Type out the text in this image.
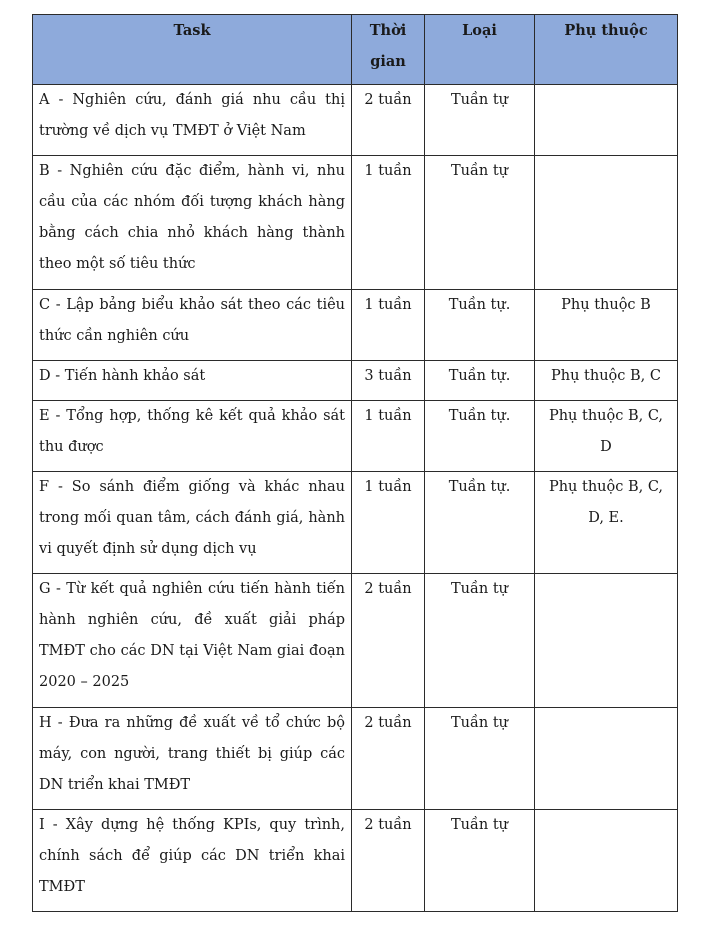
Task	Thời gian	Loại	Phụ thuộc
A - Nghiên cứu, đánh giá nhu cầu thị trường về dịch vụ TMĐT ở Việt Nam	2 tuần	Tuần tự	
B - Nghiên cứu đặc điểm, hành vi, nhu cầu của các nhóm đối tượng khách hàng bằng cách chia nhỏ khách hàng thành theo một số tiêu thức	1 tuần	Tuần tự	
C - Lập bảng biểu khảo sát theo các tiêu thức cần nghiên cứu	1 tuần	Tuần tự.	Phụ thuộc B
D - Tiến hành khảo sát	3 tuần	Tuần tự.	Phụ thuộc B, C
E - Tổng hợp, thống kê kết quả khảo sát thu được	1 tuần	Tuần tự.	Phụ thuộc B, C, D
F - So sánh điểm giống và khác nhau trong mối quan tâm, cách đánh giá, hành vi quyết định sử dụng dịch vụ	1 tuần	Tuần tự.	Phụ thuộc B, C, D, E.
G - Từ kết quả nghiên cứu tiến hành tiến hành nghiên cứu, đề xuất giải pháp TMĐT cho các DN tại Việt Nam giai đoạn 2020 – 2025	2 tuần	Tuần tự	
H - Đưa ra những đề xuất về tổ chức bộ máy, con người, trang thiết bị giúp các DN triển khai TMĐT	2 tuần	Tuần tự	
I - Xây dựng hệ thống KPIs, quy trình, chính sách để giúp các DN triển khai TMĐT	2 tuần	Tuần tự	
